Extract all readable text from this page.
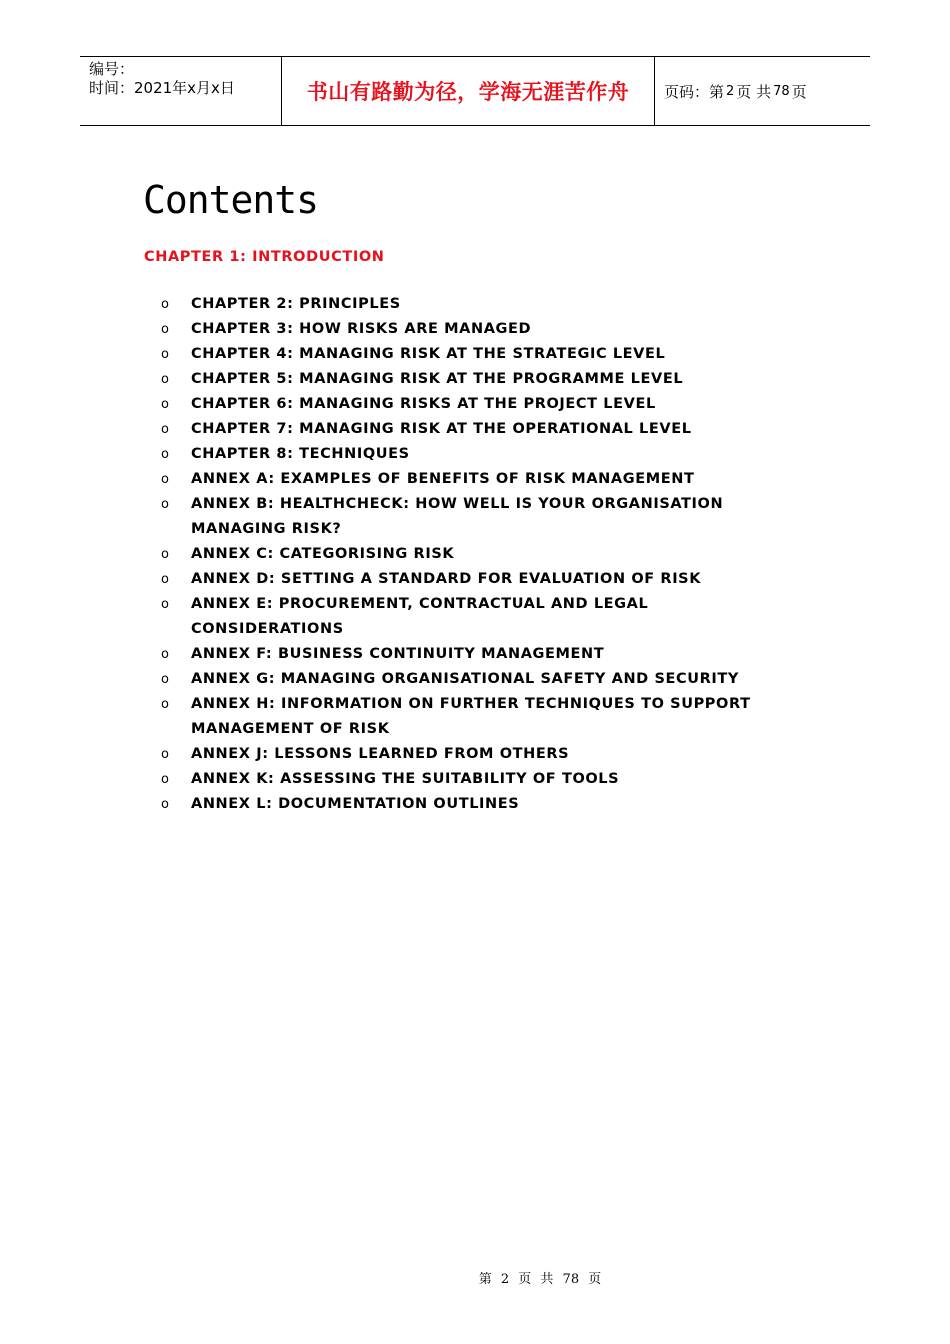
编号：
时间：2021年x月x日	书山有路勤为径，学海无涯苦作舟 页码：第 2 页 共 78 页
Contents

CHAPTER 1: INTRODUCTION

o	CHAPTER 2: PRINCIPLES
o	CHAPTER 3: HOW RISKS ARE MANAGED
o	CHAPTER 4: MANAGING RISK AT THE STRATEGIC LEVEL
o	CHAPTER 5: MANAGING RISK AT THE PROGRAMME LEVEL
o	CHAPTER 6: MANAGING RISKS AT THE PROJECT LEVEL
o	CHAPTER 7: MANAGING RISK AT THE OPERATIONAL LEVEL
o	CHAPTER 8: TECHNIQUES
o	ANNEX A: EXAMPLES OF BENEFITS OF RISK MANAGEMENT
o	ANNEX B: HEALTHCHECK: HOW WELL IS YOUR ORGANISATION MANAGING RISK?
o	ANNEX C: CATEGORISING RISK
o	ANNEX D: SETTING A STANDARD FOR EVALUATION OF RISK
o	ANNEX E: PROCUREMENT, CONTRACTUAL AND LEGAL CONSIDERATIONS
o	ANNEX F: BUSINESS CONTINUITY MANAGEMENT
o	ANNEX G: MANAGING ORGANISATIONAL SAFETY AND SECURITY
o	ANNEX H: INFORMATION ON FURTHER TECHNIQUES TO SUPPORT MANAGEMENT OF RISK
o	ANNEX J: LESSONS LEARNED FROM OTHERS
o	ANNEX K: ASSESSING THE SUITABILITY OF TOOLS
o	ANNEX L: DOCUMENTATION OUTLINES
第 2 页 共 78 页
